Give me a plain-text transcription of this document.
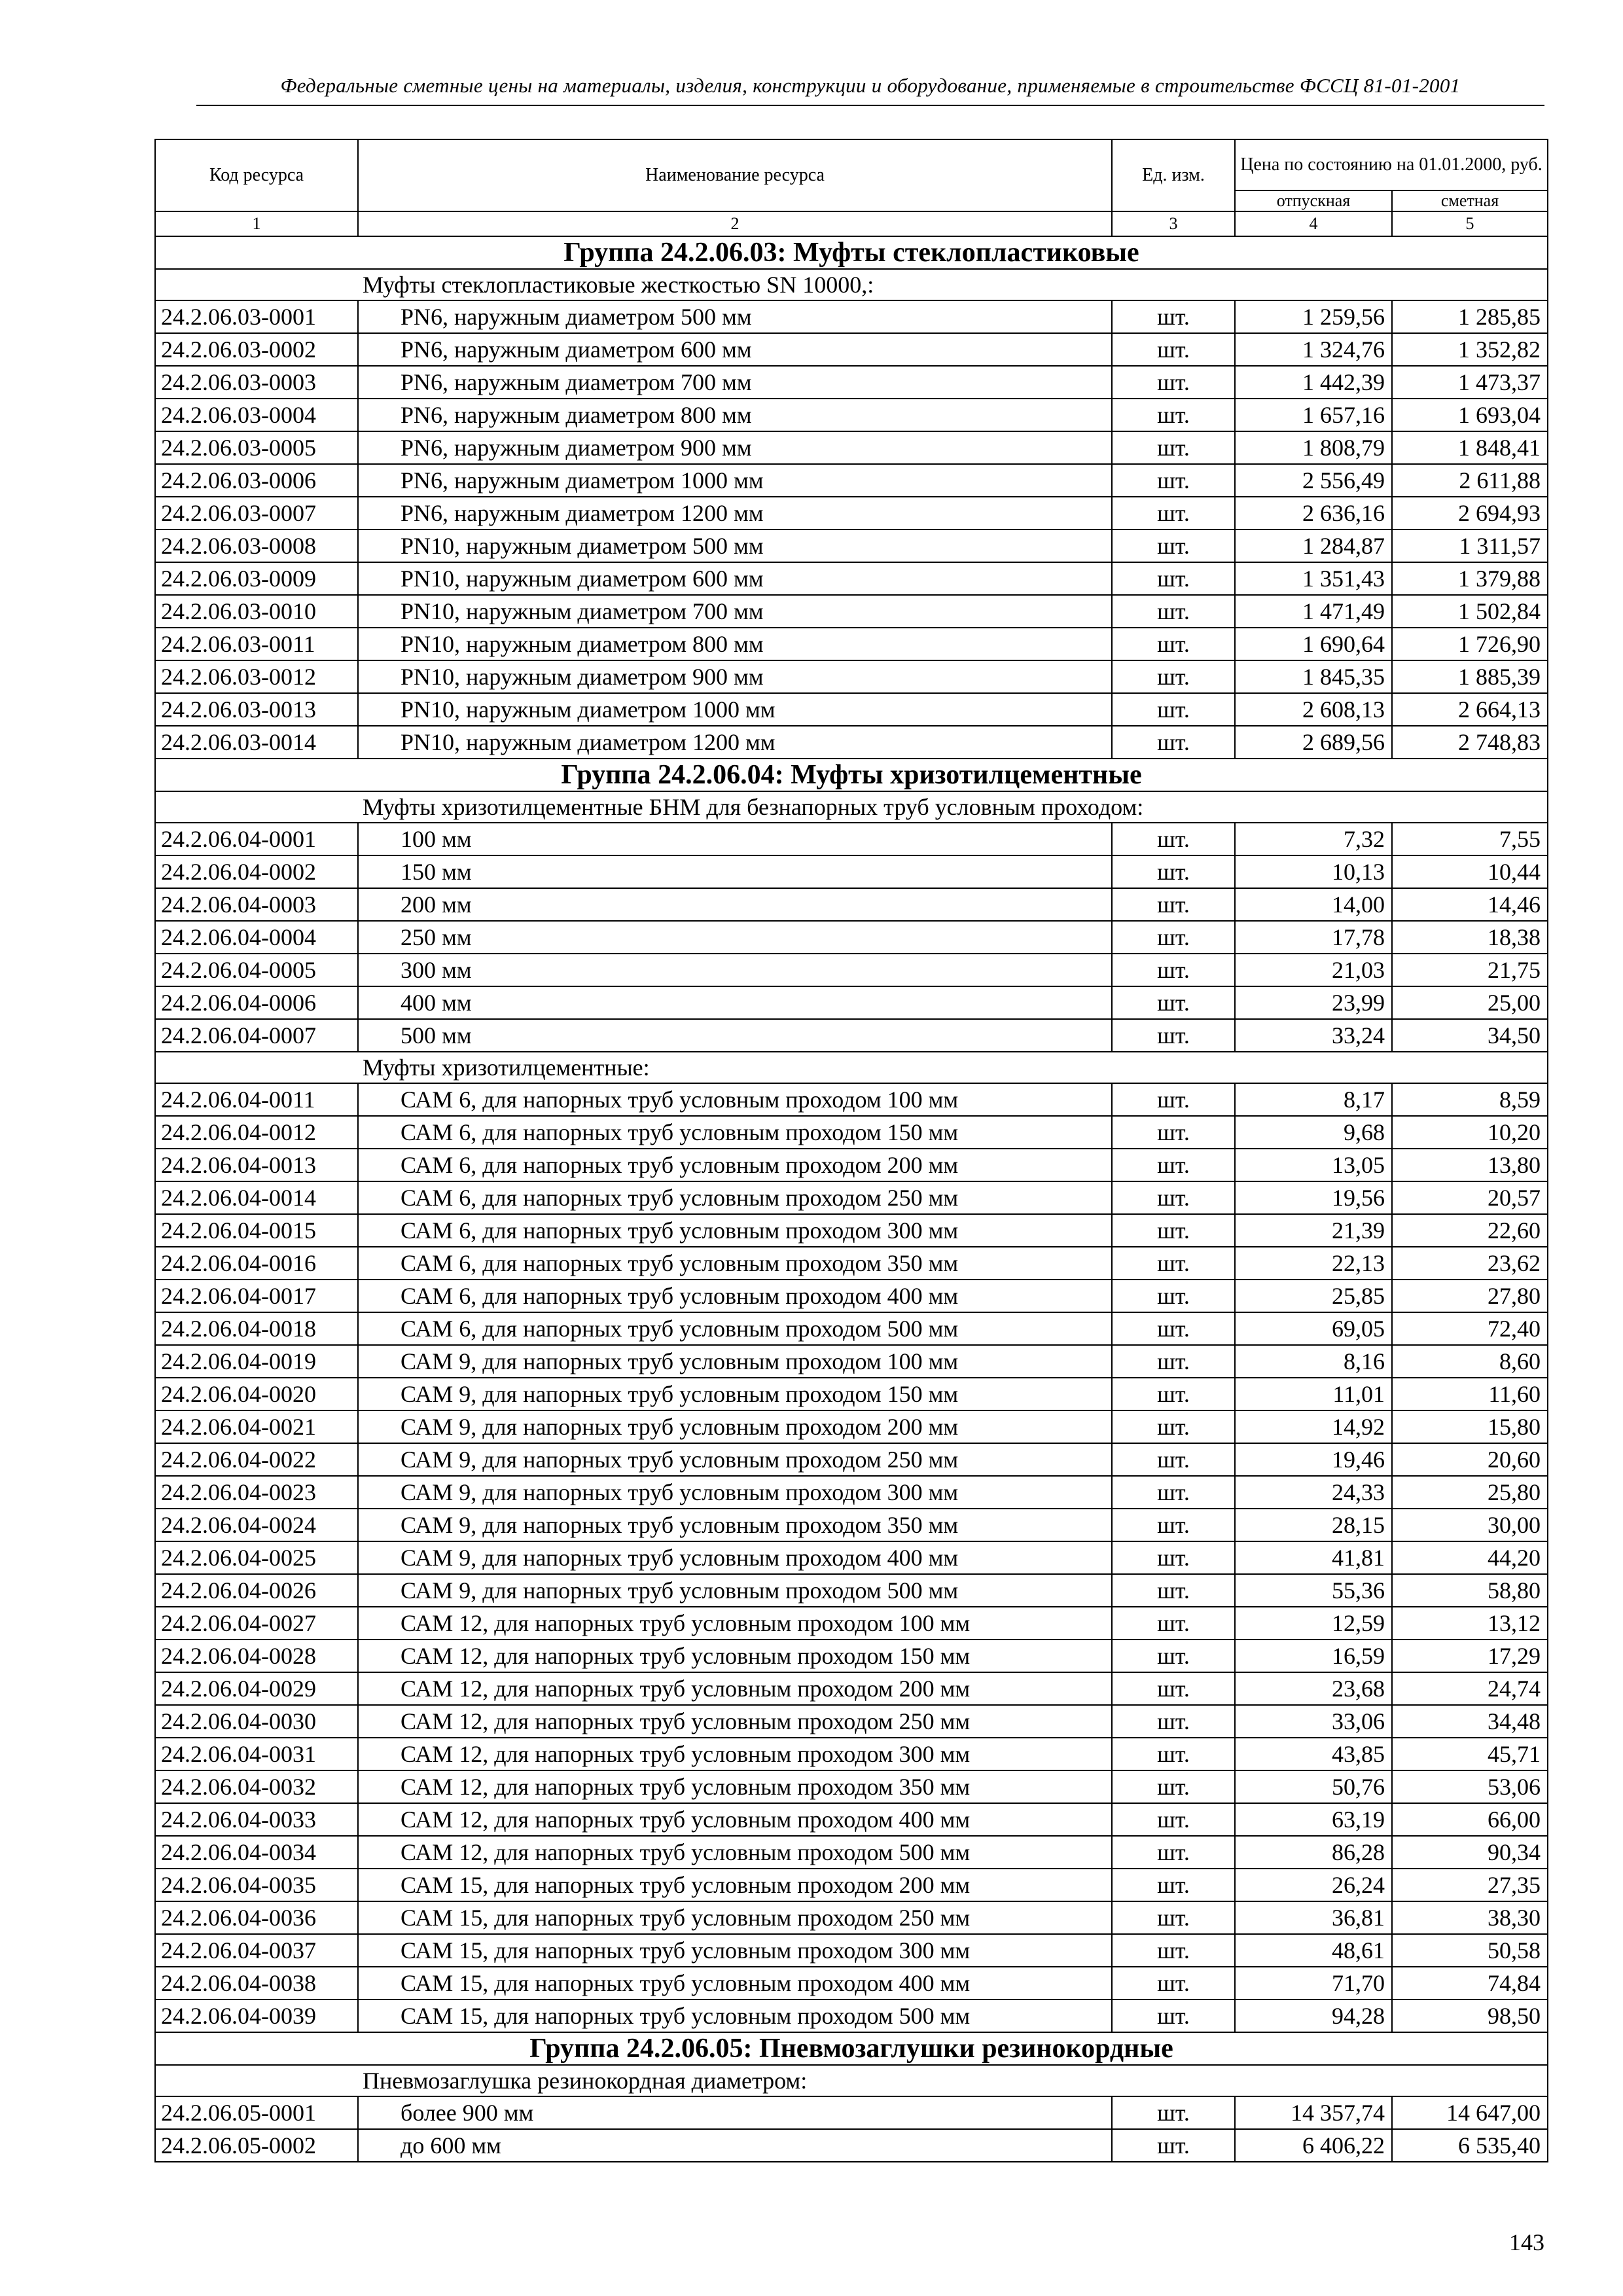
Федеральные сметные цены на материалы, изделия, конструкции и оборудование, применяемые в строительстве ФССЦ 81-01-2001
Код ресурса	Наименование ресурса	Ед. изм.	Цена по состоянию на 01.01.2000, руб.	
			отпускная	сметная
1	2	3	4	5
Группа 24.2.06.03: Муфты стеклопластиковые				
Муфты стеклопластиковые жесткостью SN 10000,:				
24.2.06.03-0001	PN6, наружным диаметром 500 мм	шт.	1 259,56	1 285,85
24.2.06.03-0002	PN6, наружным диаметром 600 мм	шт.	1 324,76	1 352,82
24.2.06.03-0003	PN6, наружным диаметром 700 мм	шт.	1 442,39	1 473,37
24.2.06.03-0004	PN6, наружным диаметром 800 мм	шт.	1 657,16	1 693,04
24.2.06.03-0005	PN6, наружным диаметром 900 мм	шт.	1 808,79	1 848,41
24.2.06.03-0006	PN6, наружным диаметром 1000 мм	шт.	2 556,49	2 611,88
24.2.06.03-0007	PN6, наружным диаметром 1200 мм	шт.	2 636,16	2 694,93
24.2.06.03-0008	PN10, наружным диаметром 500 мм	шт.	1 284,87	1 311,57
24.2.06.03-0009	PN10, наружным диаметром 600 мм	шт.	1 351,43	1 379,88
24.2.06.03-0010	PN10, наружным диаметром 700 мм	шт.	1 471,49	1 502,84
24.2.06.03-0011	PN10, наружным диаметром 800 мм	шт.	1 690,64	1 726,90
24.2.06.03-0012	PN10, наружным диаметром 900 мм	шт.	1 845,35	1 885,39
24.2.06.03-0013	PN10, наружным диаметром 1000 мм	шт.	2 608,13	2 664,13
24.2.06.03-0014	PN10, наружным диаметром 1200 мм	шт.	2 689,56	2 748,83
Группа 24.2.06.04: Муфты хризотилцементные				
Муфты хризотилцементные БНМ для безнапорных труб условным проходом:				
24.2.06.04-0001	100 мм	шт.	7,32	7,55
24.2.06.04-0002	150 мм	шт.	10,13	10,44
24.2.06.04-0003	200 мм	шт.	14,00	14,46
24.2.06.04-0004	250 мм	шт.	17,78	18,38
24.2.06.04-0005	300 мм	шт.	21,03	21,75
24.2.06.04-0006	400 мм	шт.	23,99	25,00
24.2.06.04-0007	500 мм	шт.	33,24	34,50
Муфты хризотилцементные:				
24.2.06.04-0011	САМ 6, для напорных труб условным проходом 100 мм	шт.	8,17	8,59
24.2.06.04-0012	САМ 6, для напорных труб условным проходом 150 мм	шт.	9,68	10,20
24.2.06.04-0013	САМ 6, для напорных труб условным проходом 200 мм	шт.	13,05	13,80
24.2.06.04-0014	САМ 6, для напорных труб условным проходом 250 мм	шт.	19,56	20,57
24.2.06.04-0015	САМ 6, для напорных труб условным проходом 300 мм	шт.	21,39	22,60
24.2.06.04-0016	САМ 6, для напорных труб условным проходом 350 мм	шт.	22,13	23,62
24.2.06.04-0017	САМ 6, для напорных труб условным проходом 400 мм	шт.	25,85	27,80
24.2.06.04-0018	САМ 6, для напорных труб условным проходом 500 мм	шт.	69,05	72,40
24.2.06.04-0019	САМ 9, для напорных труб условным проходом 100 мм	шт.	8,16	8,60
24.2.06.04-0020	САМ 9, для напорных труб условным проходом 150 мм	шт.	11,01	11,60
24.2.06.04-0021	САМ 9, для напорных труб условным проходом 200 мм	шт.	14,92	15,80
24.2.06.04-0022	САМ 9, для напорных труб условным проходом 250 мм	шт.	19,46	20,60
24.2.06.04-0023	САМ 9, для напорных труб условным проходом 300 мм	шт.	24,33	25,80
24.2.06.04-0024	САМ 9, для напорных труб условным проходом 350 мм	шт.	28,15	30,00
24.2.06.04-0025	САМ 9, для напорных труб условным проходом 400 мм	шт.	41,81	44,20
24.2.06.04-0026	САМ 9, для напорных труб условным проходом 500 мм	шт.	55,36	58,80
24.2.06.04-0027	САМ 12, для напорных труб условным проходом 100 мм	шт.	12,59	13,12
24.2.06.04-0028	САМ 12, для напорных труб условным проходом 150 мм	шт.	16,59	17,29
24.2.06.04-0029	САМ 12, для напорных труб условным проходом 200 мм	шт.	23,68	24,74
24.2.06.04-0030	САМ 12, для напорных труб условным проходом 250 мм	шт.	33,06	34,48
24.2.06.04-0031	САМ 12, для напорных труб условным проходом 300 мм	шт.	43,85	45,71
24.2.06.04-0032	САМ 12, для напорных труб условным проходом 350 мм	шт.	50,76	53,06
24.2.06.04-0033	САМ 12, для напорных труб условным проходом 400 мм	шт.	63,19	66,00
24.2.06.04-0034	САМ 12, для напорных труб условным проходом 500 мм	шт.	86,28	90,34
24.2.06.04-0035	САМ 15, для напорных труб условным проходом 200 мм	шт.	26,24	27,35
24.2.06.04-0036	САМ 15, для напорных труб условным проходом 250 мм	шт.	36,81	38,30
24.2.06.04-0037	САМ 15, для напорных труб условным проходом 300 мм	шт.	48,61	50,58
24.2.06.04-0038	САМ 15, для напорных труб условным проходом 400 мм	шт.	71,70	74,84
24.2.06.04-0039	САМ 15, для напорных труб условным проходом 500 мм	шт.	94,28	98,50
Группа 24.2.06.05: Пневмозаглушки резинокордные				
Пневмозаглушка резинокордная диаметром:				
24.2.06.05-0001	более 900 мм	шт.	14 357,74	14 647,00
24.2.06.05-0002	до 600 мм	шт.	6 406,22	6 535,40
143
